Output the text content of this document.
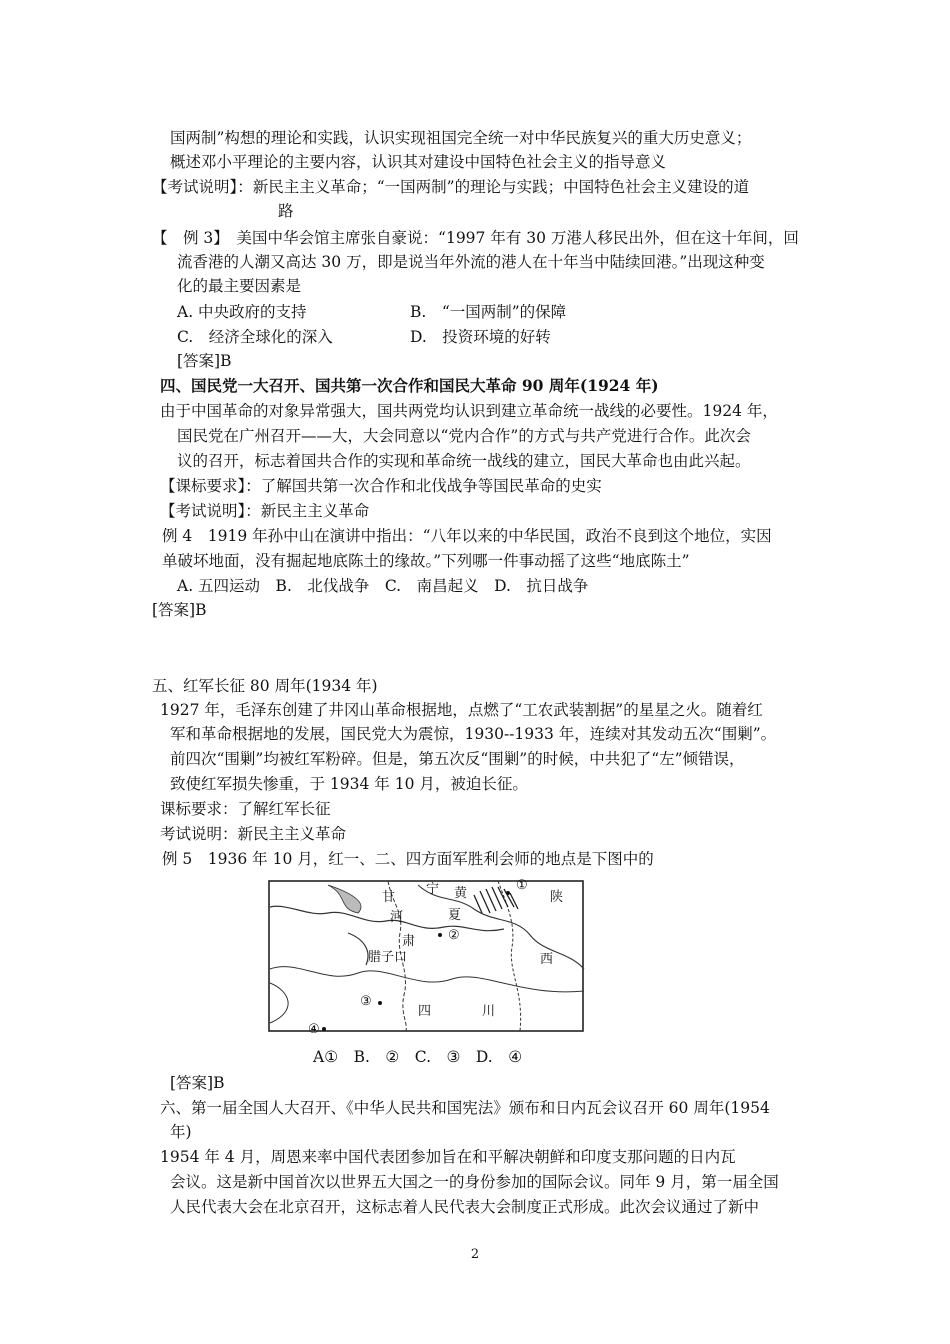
国两制”构想的理论和实践，认识实现祖国完全统一对中华民族复兴的重大历史意义；
概述邓小平理论的主要内容，认识其对建设中国特色社会主义的指导意义
【考试说明】：新民主主义革命；“一国两制”的理论与实践；中国特色社会主义建设的道
路
【　例 3】　美国中华会馆主席张自豪说：“1997 年有 30 万港人移民出外，但在这十年间，回
流香港的人潮又高达 30 万，即是说当年外流的港人在十年当中陆续回港。”出现这种变
化的最主要因素是
A. 中央政府的支持	B.　“一国两制”的保障
C.　经济全球化的深入	D.　投资环境的好转
[答案]B
四、国民党一大召开、国共第一次合作和国民大革命 90 周年(1924 年)
由于中国革命的对象异常强大，国共两党均认识到建立革命统一战线的必要性。1924 年，
国民党在广州召开——大，大会同意以“党内合作”的方式与共产党进行合作。此次会
议的召开，标志着国共合作的实现和革命统一战线的建立，国民大革命也由此兴起。
【课标要求】：了解国共第一次合作和北伐战争等国民革命的史实
【考试说明】：新民主主义革命
例 4　1919 年孙中山在演讲中指出：“八年以来的中华民国，政治不良到这个地位，实因
单破坏地面，没有掘起地底陈土的缘故。”下列哪一件事动摇了这些“地底陈土”
A. 五四运动　B.　北伐战争　C.　南昌起义　D.　抗日战争
[答案]B
五、红军长征 80 周年(1934 年)
1927 年，毛泽东创建了井冈山革命根据地，点燃了“工农武装割据”的星星之火。随着红
军和革命根据地的发展，国民党大为震惊，1930--1933 年，连续对其发动五次“围剿”。
前四次“围剿”均被红军粉碎。但是，第五次反“围剿”的时候，中共犯了“左”倾错误，
致使红军损失惨重，于 1934 年 10 月，被迫长征。
课标要求：了解红军长征
考试说明：新民主主义革命
例 5　1936 年 10 月，红一、二、四方面军胜利会师的地点是下图中的
甘
宁 黄
河	夏
肃
陕
腊子口	西
四	川
①
②
③
④
A①　B.　②　C.　③　D.　④
[答案]B
六、第一届全国人大召开、《中华人民共和国宪法》颁布和日内瓦会议召开 60 周年(1954
年)
1954 年 4 月，周恩来率中国代表团参加旨在和平解决朝鲜和印度支那问题的日内瓦
会议。这是新中国首次以世界五大国之一的身份参加的国际会议。同年 9 月，第一届全国
人民代表大会在北京召开，这标志着人民代表大会制度正式形成。此次会议通过了新中
2
